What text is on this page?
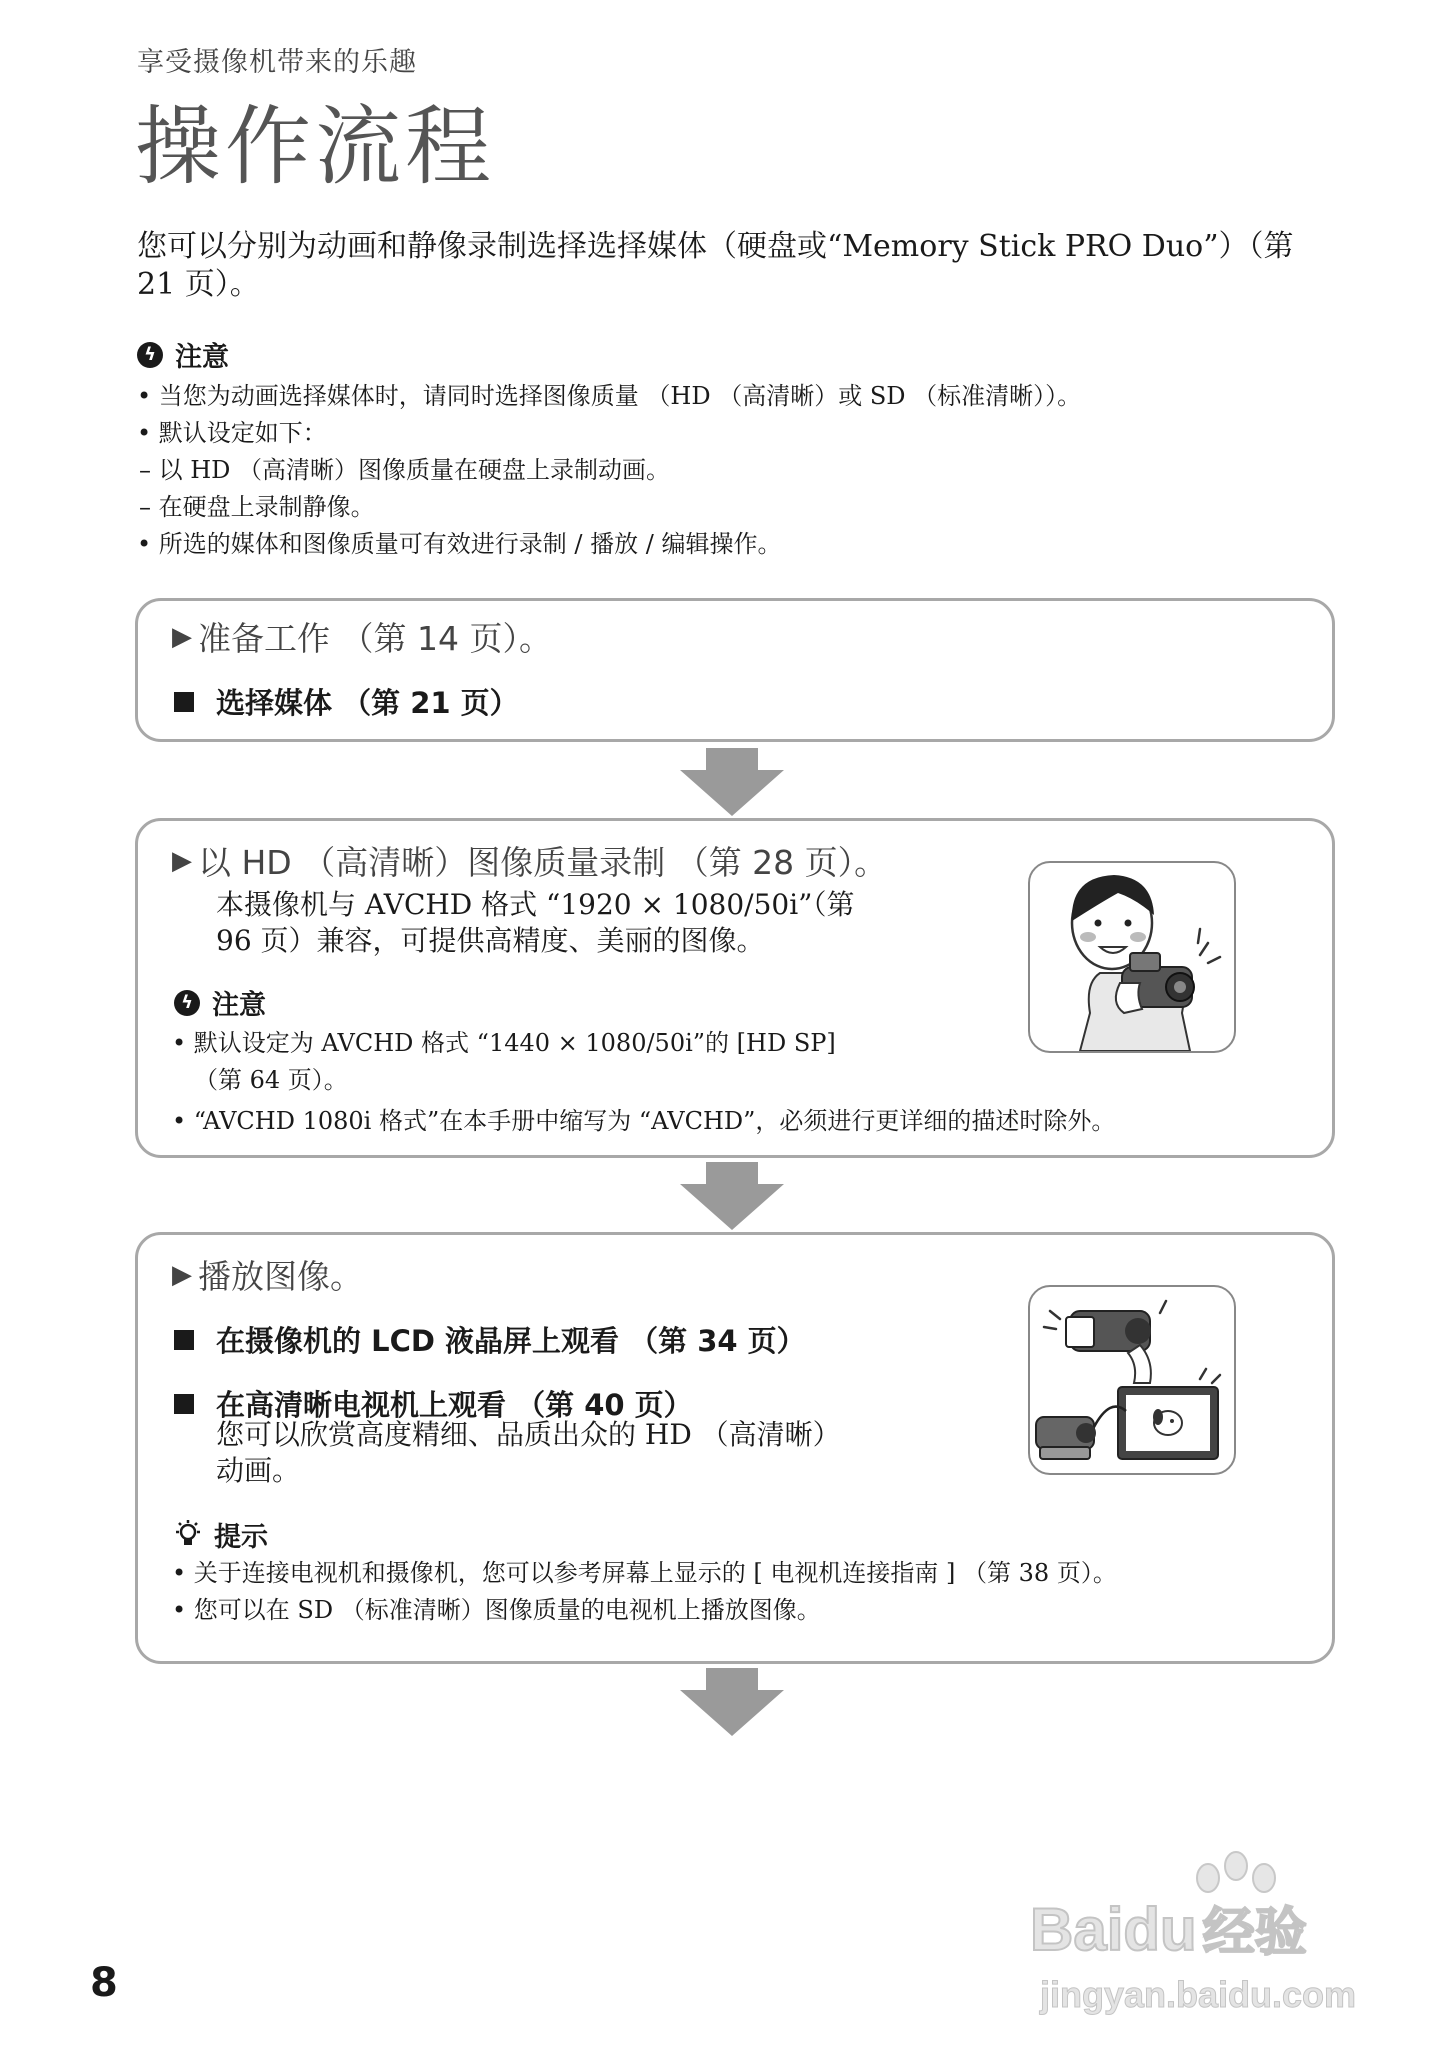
享受摄像机带来的乐趣
操作流程
您可以分别为动画和静像录制选择选择媒体（硬盘或“Memory Stick PRO Duo”）（第
21 页）。
ϟ 注意
• 当您为动画选择媒体时，请同时选择图像质量 （HD （高清晰）或 SD （标准清晰））。
• 默认设定如下：
– 以 HD （高清晰）图像质量在硬盘上录制动画。
– 在硬盘上录制静像。
• 所选的媒体和图像质量可有效进行录制 / 播放 / 编辑操作。
▶ 准备工作 （第 14 页）。
选择媒体 （第 21 页）
▶ 以 HD （高清晰）图像质量录制 （第 28 页）。
本摄像机与 AVCHD 格式 “1920 × 1080/50i”（第
96 页）兼容，可提供高精度、美丽的图像。
ϟ 注意
• 默认设定为 AVCHD 格式 “1440 × 1080/50i”的 [HD SP]
（第 64 页）。
• “AVCHD 1080i 格式”在本手册中缩写为 “AVCHD”，必须进行更详细的描述时除外。
▶ 播放图像。
在摄像机的 LCD 液晶屏上观看 （第 34 页）
在高清晰电视机上观看 （第 40 页）
您可以欣赏高度精细、品质出众的 HD （高清晰）
动画。
提示
• 关于连接电视机和摄像机，您可以参考屏幕上显示的 [ 电视机连接指南 ] （第 38 页）。
• 您可以在 SD （标准清晰）图像质量的电视机上播放图像。
8
Baidu 经验
jingyan.baidu.com
